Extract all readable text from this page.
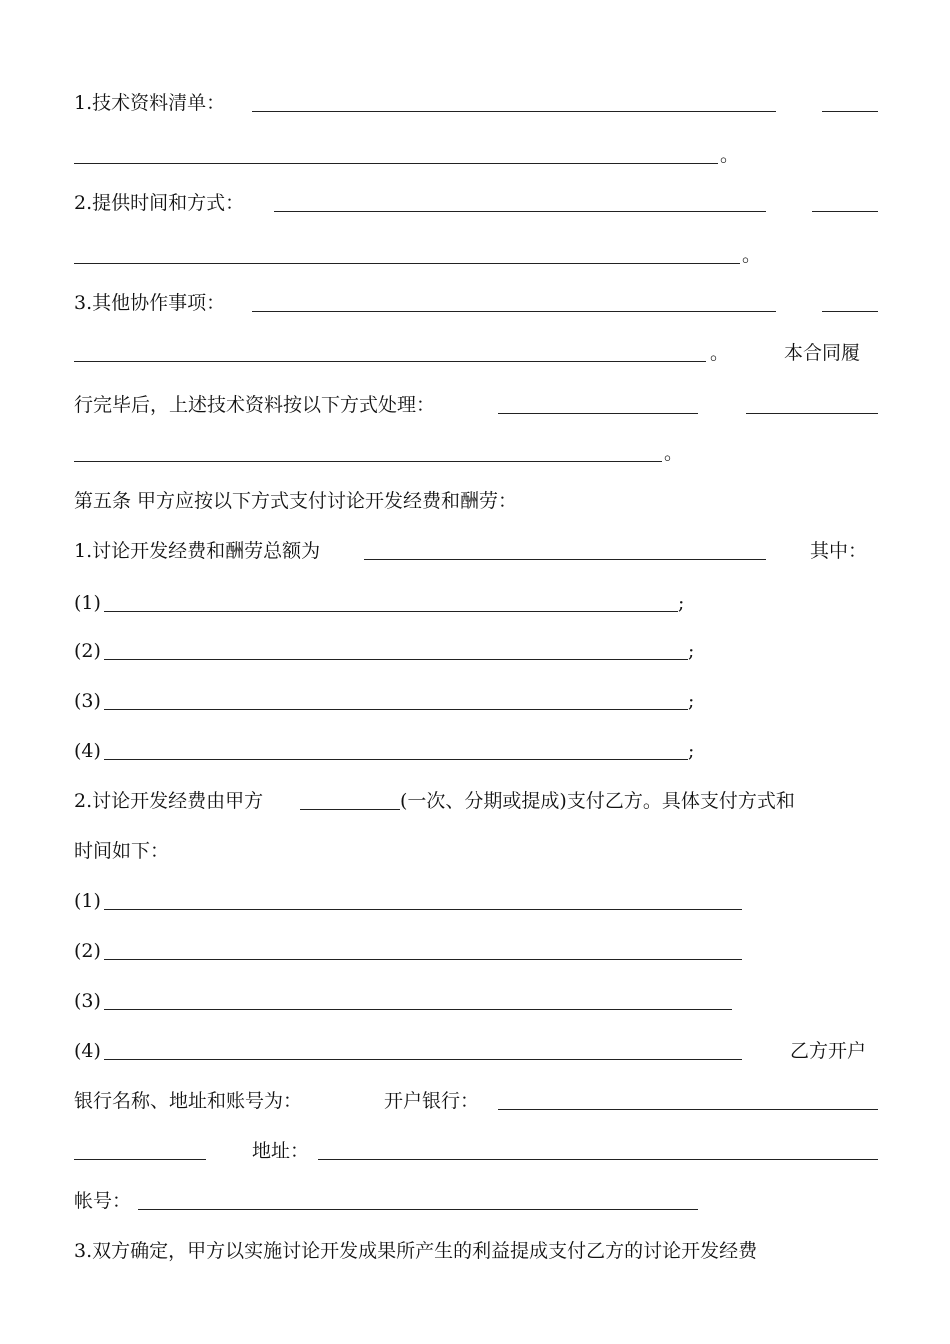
1.技术资料清单：
。
2.提供时间和方式：
。
3.其他协作事项：
。	本合同履
行完毕后，上述技术资料按以下方式处理：
。
第五条 甲方应按以下方式支付讨论开发经费和酬劳：
1.讨论开发经费和酬劳总额为	其中：
(1)	;
(2)	;
(3)	;
(4)	;
2.讨论开发经费由甲方	(一次、分期或提成)支付乙方。具体支付方式和
时间如下：
(1)
(2)
(3)
(4)	乙方开户
银行名称、地址和账号为：	开户银行：
地址：
帐号：
3.双方确定，甲方以实施讨论开发成果所产生的利益提成支付乙方的讨论开发经费
